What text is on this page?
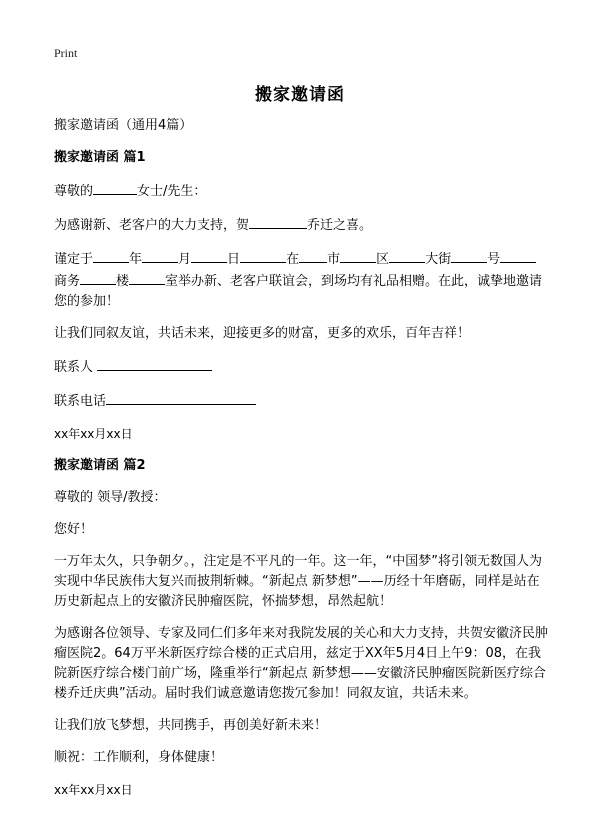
Print
搬家邀请函

搬家邀请函（通用4篇）

搬家邀请函 篇1

尊敬的	女士/先生：

为感谢新、老客户的大力支持，贺	乔迁之喜。

谨定于	年	月	日	在 市	区	大街	号商务	楼	室举办新、老客户联谊会，到场均有礼品相赠。在此，诚挚地邀请您的参加！

让我们同叙友谊，共话未来，迎接更多的财富，更多的欢乐，百年吉祥！

联系人

联系电话

xx年xx月xx日

搬家邀请函 篇2

尊敬的 领导/教授：

您好！

一万年太久，只争朝夕。，注定是不平凡的一年。这一年，“中国梦”将引领无数国人为实现中华民族伟大复兴而披荆斩棘。“新起点 新梦想”——历经十年磨砺，同样是站在历史新起点上的安徽济民肿瘤医院，怀揣梦想，昂然起航！

为感谢各位领导、专家及同仁们多年来对我院发展的关心和大力支持，共贺安徽济民肿瘤医院2。64万平米新医疗综合楼的正式启用，兹定于XX年5月4日上午9：08，在我院新医疗综合楼门前广场，隆重举行“新起点 新梦想——安徽济民肿瘤医院新医疗综合楼乔迁庆典”活动。届时我们诚意邀请您拨冗参加！同叙友谊，共话未来。

让我们放飞梦想，共同携手，再创美好新未来！

顺祝：工作顺利，身体健康！

xx年xx月xx日
